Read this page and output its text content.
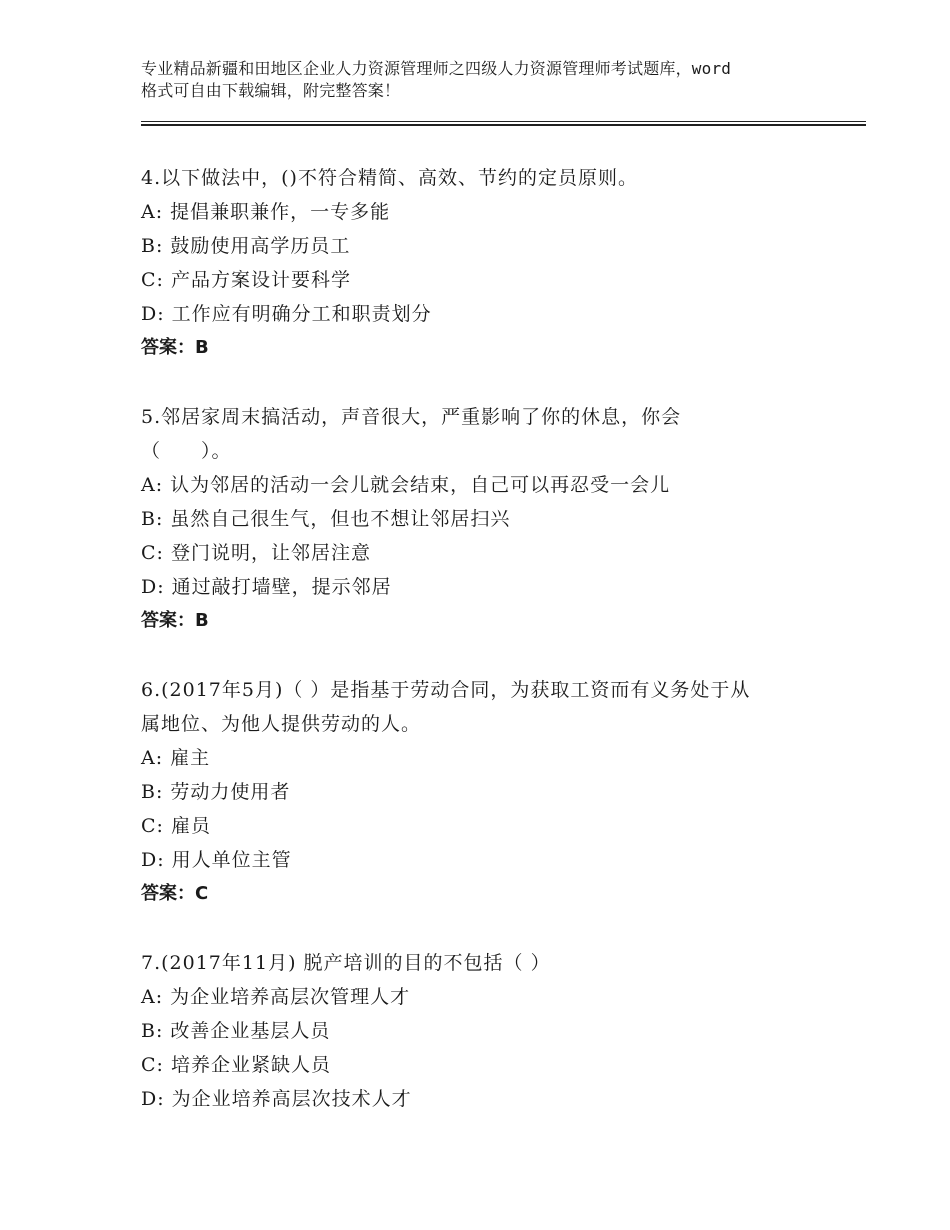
专业精品新疆和田地区企业人力资源管理师之四级人力资源管理师考试题库，word
格式可自由下载编辑，附完整答案！
4.以下做法中，()不符合精简、高效、节约的定员原则。
A: 提倡兼职兼作，一专多能
B: 鼓励使用高学历员工
C: 产品方案设计要科学
D: 工作应有明确分工和职责划分
答案：B
5.邻居家周末搞活动，声音很大，严重影响了你的休息，你会
（　　）。
A: 认为邻居的活动一会儿就会结束，自己可以再忍受一会儿
B: 虽然自己很生气，但也不想让邻居扫兴
C: 登门说明，让邻居注意
D: 通过敲打墙壁，提示邻居
答案：B
6.(2017年5月)（ ）是指基于劳动合同，为获取工资而有义务处于从
属地位、为他人提供劳动的人。
A: 雇主
B: 劳动力使用者
C: 雇员
D: 用人单位主管
答案：C
7.(2017年11月) 脱产培训的目的不包括（ ）
A: 为企业培养高层次管理人才
B: 改善企业基层人员
C: 培养企业紧缺人员
D: 为企业培养高层次技术人才
